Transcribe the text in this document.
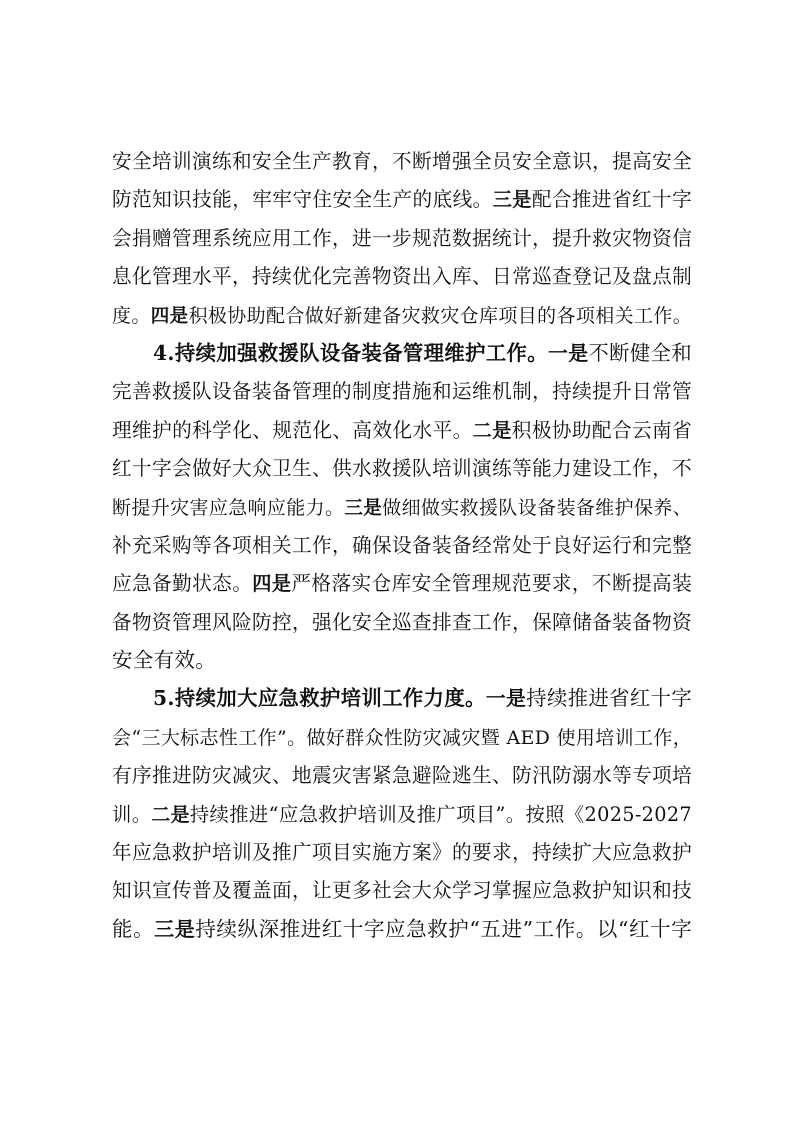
安全培训演练和安全生产教育，不断增强全员安全意识，提高安全
防范知识技能，牢牢守住安全生产的底线。三是配合推进省红十字
会捐赠管理系统应用工作，进一步规范数据统计，提升救灾物资信
息化管理水平，持续优化完善物资出入库、日常巡查登记及盘点制
度。四是积极协助配合做好新建备灾救灾仓库项目的各项相关工作。
4.持续加强救援队设备装备管理维护工作。一是不断健全和
完善救援队设备装备管理的制度措施和运维机制，持续提升日常管
理维护的科学化、规范化、高效化水平。二是积极协助配合云南省
红十字会做好大众卫生、供水救援队培训演练等能力建设工作，不
断提升灾害应急响应能力。三是做细做实救援队设备装备维护保养、
补充采购等各项相关工作，确保设备装备经常处于良好运行和完整
应急备勤状态。四是严格落实仓库安全管理规范要求，不断提高装
备物资管理风险防控，强化安全巡查排查工作，保障储备装备物资
安全有效。
5.持续加大应急救护培训工作力度。一是持续推进省红十字
会“三大标志性工作”。做好群众性防灾减灾暨 AED 使用培训工作，
有序推进防灾减灾、地震灾害紧急避险逃生、防汛防溺水等专项培
训。二是持续推进“应急救护培训及推广项目”。按照《2025-2027
年应急救护培训及推广项目实施方案》的要求，持续扩大应急救护
知识宣传普及覆盖面，让更多社会大众学习掌握应急救护知识和技
能。三是持续纵深推进红十字应急救护“五进”工作。以“红十字
